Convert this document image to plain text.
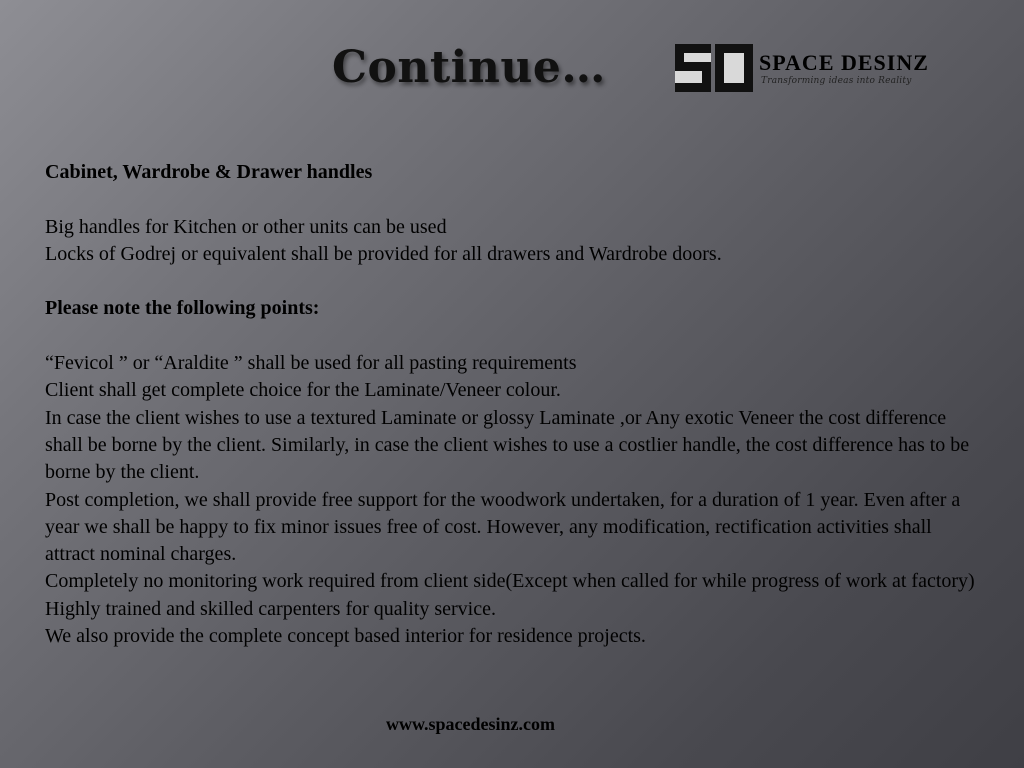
Continue…	SPACE DESINZ
Transforming ideas into Reality

Cabinet, Wardrobe & Drawer handles

Big handles for Kitchen or other units can be used

Locks of Godrej or equivalent shall be provided for all drawers and Wardrobe doors.

Please note the following points:

“Fevicol ” or “Araldite ” shall be used for all pasting requirements

Client shall get complete choice for the Laminate/Veneer colour.

In case the client wishes to use a textured Laminate or glossy Laminate ,or Any exotic Veneer the cost difference shall be borne by the client. Similarly, in case the client wishes to use a costlier handle, the cost difference has to be borne by the client.

Post completion, we shall provide free support for the woodwork undertaken, for a duration of 1 year. Even after a year we shall be happy to fix minor issues free of cost. However, any modification, rectification activities shall attract nominal charges.

Completely no monitoring work required from client side(Except when called for while progress of work at factory)

Highly trained and skilled carpenters for quality service.

We also provide the complete concept based interior for residence projects.

www.spacedesinz.com
